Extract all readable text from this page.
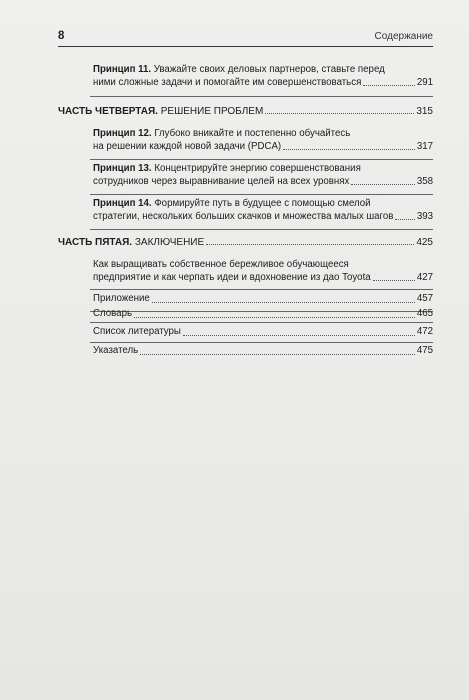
8	Содержание
Принцип 11. Уважайте своих деловых партнеров, ставьте перед
ними сложные задачи и помогайте им совершенствоваться	291
ЧАСТЬ ЧЕТВЕРТАЯ. РЕШЕНИЕ ПРОБЛЕМ	315
Принцип 12. Глубоко вникайте и постепенно обучайтесь
на решении каждой новой задачи (PDCA)	317
Принцип 13. Концентрируйте энергию совершенствования
сотрудников через выравнивание целей на всех уровнях	358
Принцип 14. Формируйте путь в будущее с помощью смелой
стратегии, нескольких больших скачков и множества малых шагов 393
ЧАСТЬ ПЯТАЯ. ЗАКЛЮЧЕНИЕ	425
Как выращивать собственное бережливое обучающееся
предприятие и как черпать идеи и вдохновение из дао Toyota	427
Приложение	457
Словарь	465
Список литературы	472
Указатель	475
